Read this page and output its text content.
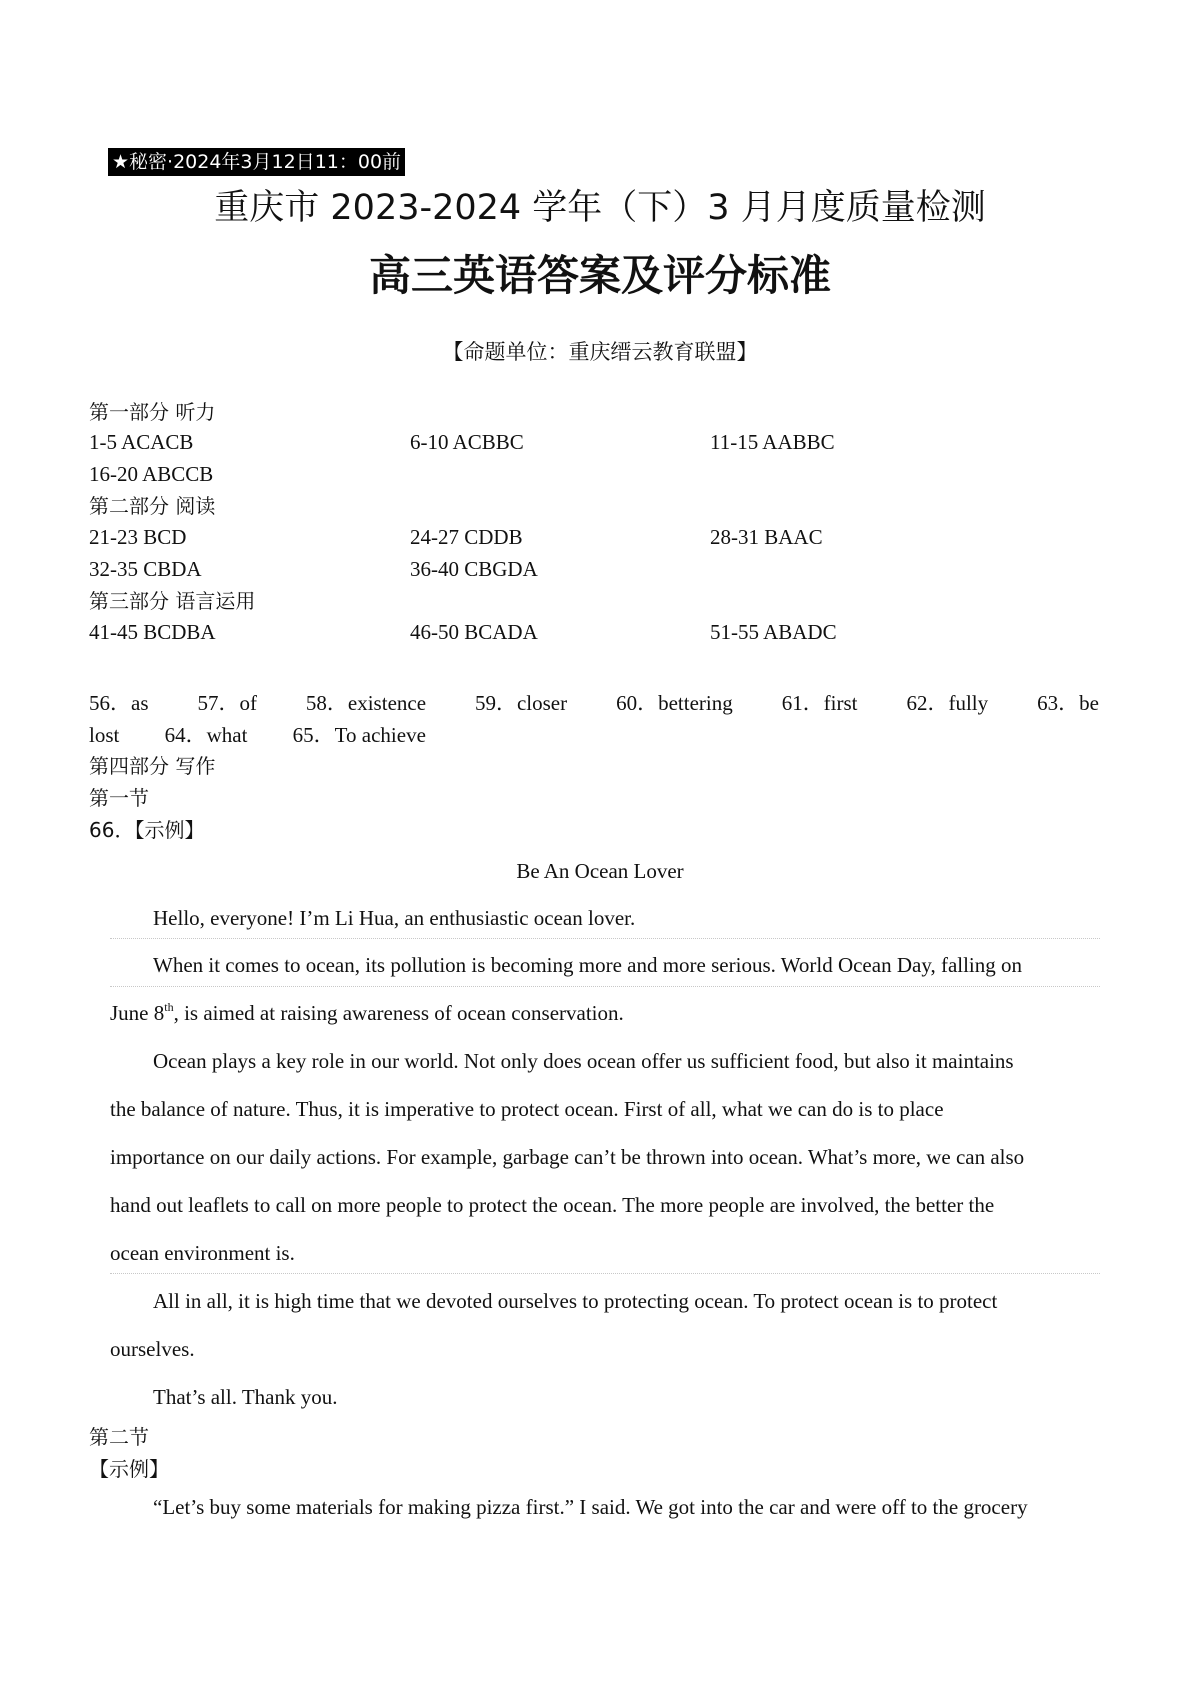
★秘密·2024年3月12日11：00前
重庆市 2023-2024 学年（下）3 月月度质量检测
高三英语答案及评分标准
【命题单位：重庆缙云教育联盟】
第一部分 听力
1-5 ACACB	6-10 ACBBC	11-15 AABBC
16-20 ABCCB
第二部分 阅读
21-23 BCD	24-27 CDDB	28-31 BAAC
32-35 CBDA	36-40 CBGDA
第三部分 语言运用
41-45 BCDBA	46-50 BCADA	51-55 ABADC
56．as 57．of 58．existence 59．closer 60．bettering 61．first 62．fully 63．be
lost 64．what 65．To achieve
第四部分 写作
第一节
66．【示例】
Be An Ocean Lover
Hello, everyone! I’m Li Hua, an enthusiastic ocean lover.
When it comes to ocean, its pollution is becoming more and more serious. World Ocean Day, falling on
June 8th, is aimed at raising awareness of ocean conservation.
Ocean plays a key role in our world. Not only does ocean offer us sufficient food, but also it maintains
the balance of nature. Thus, it is imperative to protect ocean. First of all, what we can do is to place
importance on our daily actions. For example, garbage can’t be thrown into ocean. What’s more, we can also
hand out leaflets to call on more people to protect the ocean. The more people are involved, the better the
ocean environment is.
All in all, it is high time that we devoted ourselves to protecting ocean. To protect ocean is to protect
ourselves.
That’s all. Thank you.
第二节
【示例】
“Let’s buy some materials for making pizza first.” I said. We got into the car and were off to the grocery
